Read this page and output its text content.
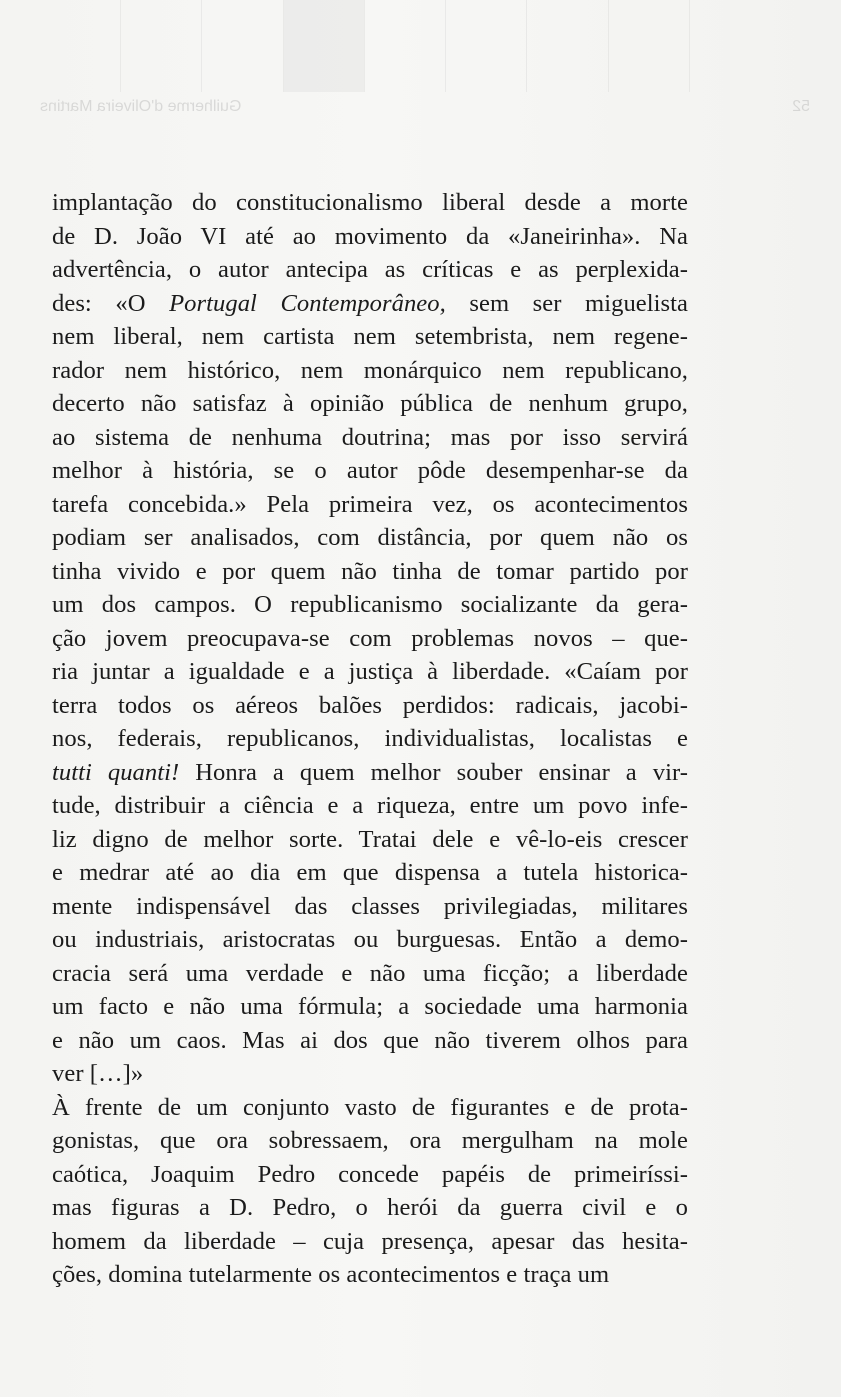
52
Guilherme d'Oliveira Martins
implantação do constitucionalismo liberal desde a morte
de D. João VI até ao movimento da «Janeirinha». Na
advertência, o autor antecipa as críticas e as perplexida-
des: «O Portugal Contemporâneo, sem ser miguelista
nem liberal, nem cartista nem setembrista, nem regene-
rador nem histórico, nem monárquico nem republicano,
decerto não satisfaz à opinião pública de nenhum grupo,
ao sistema de nenhuma doutrina; mas por isso servirá
melhor à história, se o autor pôde desempenhar-se da
tarefa concebida.» Pela primeira vez, os acontecimentos
podiam ser analisados, com distância, por quem não os
tinha vivido e por quem não tinha de tomar partido por
um dos campos. O republicanismo socializante da gera-
ção jovem preocupava-se com problemas novos – que-
ria juntar a igualdade e a justiça à liberdade. «Caíam por
terra todos os aéreos balões perdidos: radicais, jacobi-
nos, federais, republicanos, individualistas, localistas e
tutti quanti! Honra a quem melhor souber ensinar a vir-
tude, distribuir a ciência e a riqueza, entre um povo infe-
liz digno de melhor sorte. Tratai dele e vê-lo-eis crescer
e medrar até ao dia em que dispensa a tutela historica-
mente indispensável das classes privilegiadas, militares
ou industriais, aristocratas ou burguesas. Então a demo-
cracia será uma verdade e não uma ficção; a liberdade
um facto e não uma fórmula; a sociedade uma harmonia
e não um caos. Mas ai dos que não tiverem olhos para
ver […]»
À frente de um conjunto vasto de figurantes e de prota-
gonistas, que ora sobressaem, ora mergulham na mole
caótica, Joaquim Pedro concede papéis de primeiríssi-
mas figuras a D. Pedro, o herói da guerra civil e o
homem da liberdade – cuja presença, apesar das hesita-
ções, domina tutelarmente os acontecimentos e traça um
